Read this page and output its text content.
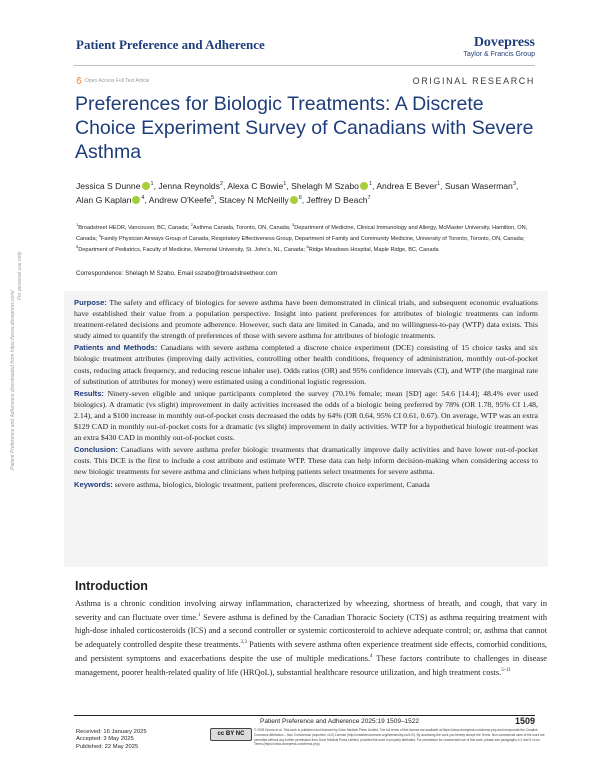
Patient Preference and Adherence	Dovepress
Taylor & Francis Group
Open Access Full Text Article	ORIGINAL RESEARCH
Preferences for Biologic Treatments: A Discrete Choice Experiment Survey of Canadians with Severe Asthma
Jessica S Dunne $^1$, Jenna Reynolds$^2$, Alexa C Bowie$^1$, Shelagh M Szabo $^1$, Andrea E Bever$^1$, Susan Waserman$^3$, Alan G Kaplan $^4$, Andrew O'Keefe$^5$, Stacey N McNeilly $^6$, Jeffrey D Beach$^7$
$^1$Broadstreet HEOR, Vancouver, BC, Canada; $^2$Asthma Canada, Toronto, ON, Canada; $^3$Department of Medicine, Clinical Immunology and Allergy, McMaster University, Hamilton, ON, Canada; $^4$Family Physician Airways Group of Canada, Respiratory Effectiveness Group, Department of Family and Community Medicine, University of Toronto, Toronto, ON, Canada; $^5$Department of Pediatrics, Faculty of Medicine, Memorial University, St. John's, NL, Canada; $^6$Ridge Meadows Hospital, Maple Ridge, BC, Canada
Correspondence: Shelagh M Szabo, Email sszabo@broadstreetheor.com

Purpose: The safety and efficacy of biologics for severe asthma have been demonstrated in clinical trials, and subsequent economic evaluations have established their value from a population perspective. Insight into patient preferences for attributes of biologic treatments can inform treatment-related decisions and promote adherence. However, such data are limited in Canada, and no willingness-to-pay (WTP) data exists. This study aimed to quantify the strength of preferences of those with severe asthma for attributes of biologic treatments.

Patients and Methods: Canadians with severe asthma completed a discrete choice experiment (DCE) consisting of 15 choice tasks and six biologic treatment attributes (improving daily activities, controlling other health conditions, frequency of administration, monthly out-of-pocket costs, reducing attack frequency, and reducing rescue inhaler use). Odds ratios (OR) and 95% confidence intervals (CI), and WTP (the marginal rate of substitution of attributes for money) were estimated using a conditional logistic regression.

Results: Ninety-seven eligible and unique participants completed the survey (70.1% female; mean [SD] age: 54.6 [14.4]; 48.4% ever used biologics). A dramatic (vs slight) improvement in daily activities increased the odds of a biologic being preferred by 78% (OR 1.78, 95% CI 1.48, 2.14), and a $100 increase in monthly out-of-pocket costs decreased the odds by 64% (OR 0.64, 95% CI 0.61, 0.67). On average, WTP was an extra $129 CAD in monthly out-of-pocket costs for a dramatic (vs slight) improvement in daily activities. WTP for a hypothetical biologic treatment was an extra $430 CAD in monthly out-of-pocket costs.

Conclusion: Canadians with severe asthma prefer biologic treatments that dramatically improve daily activities and have lower out-of-pocket costs. This DCE is the first to include a cost attribute and estimate WTP. These data can help inform decision-making when considering access to new biologic treatments for severe asthma and clinicians when helping patients select treatments for severe asthma.

Keywords: severe asthma, biologics, biologic treatment, patient preferences, discrete choice experiment, Canada

Introduction

Asthma is a chronic condition involving airway inflammation, characterized by wheezing, shortness of breath, and cough, that vary in severity and can fluctuate over time.$^1$ Severe asthma is defined by the Canadian Thoracic Society (CTS) as asthma requiring treatment with high-dose inhaled corticosteroids (ICS) and a second controller or systemic corticosteroid to achieve adequate control; or, asthma that cannot be adequately controlled despite these treatments.$^{2,3}$ Patients with severe asthma often experience treatment side effects, comorbid conditions, and persistent symptoms and exacerbations despite the use of multiple medications.$^4$ These factors contribute to challenges in disease management, poorer health-related quality of life (HRQoL), substantial healthcare resource utilization, and high treatment costs.$^{5-11}$

Patient Preference and Adherence 2025:19 1509–1522	1509
Received: 16 January 2025
Accepted: 3 May 2025
Published: 22 May 2025
cc BY NC
© 2025 Dunne et al. This work is published and licensed by Dove Medical Press Limited. The full terms of this license are available at https://www.dovepress.com/terms.php and incorporate the Creative Commons Attribution – Non Commercial (unported, v4.0) License (http://creativecommons.org/licenses/by-nc/4.0/). By accessing the work you hereby accept the Terms. Non-commercial uses of the work are permitted without any further permission from Dove Medical Press Limited, provided the work is properly attributed. For permission for commercial use of this work, please see paragraphs 4.2 and 5 of our Terms (https://www.dovepress.com/terms.php).
Patient Preference and Adherence downloaded from https://www.dovepress.com/
For personal use only.
